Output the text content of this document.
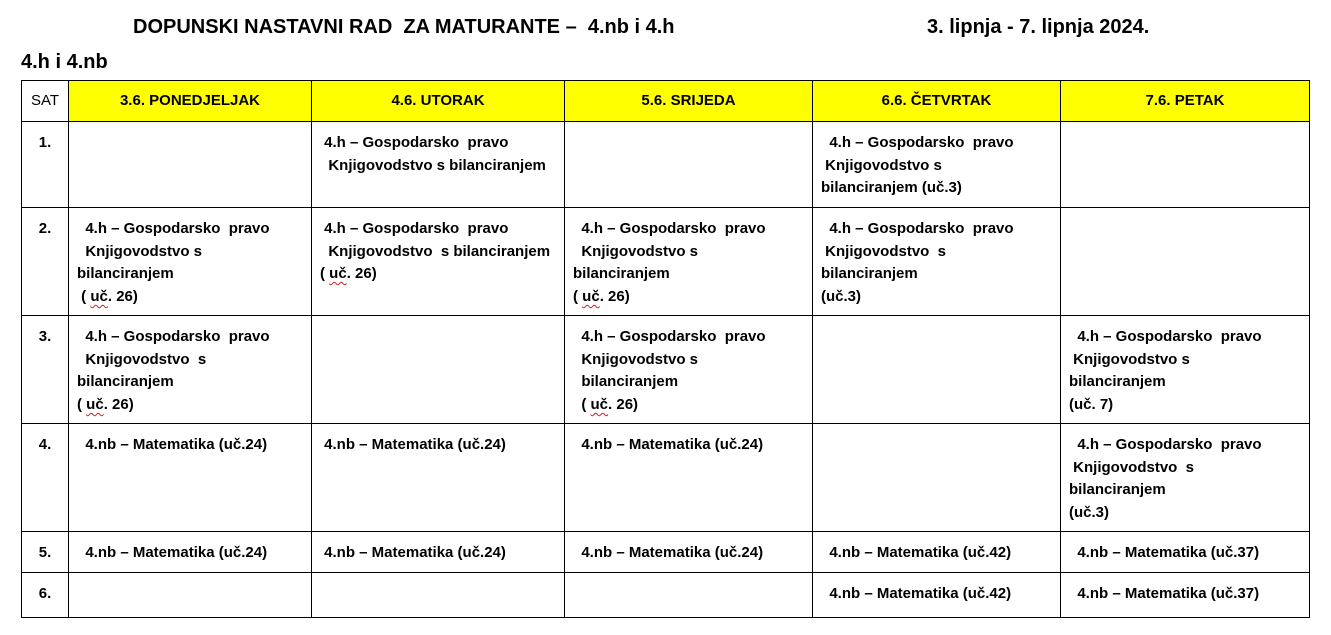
DOPUNSKI NASTAVNI RAD  ZA MATURANTE –  4.nb i 4.h	3. lipnja - 7. lipnja 2024.
4.h i 4.nb
SAT	3.6. PONEDJELJAK	4.6. UTORAK	5.6. SRIJEDA	6.6. ČETVRTAK	7.6. PETAK
1.		4.h – Gospodarsko  pravo
Knjigovodstvo s bilanciranjem		4.h – Gospodarsko  pravo
Knjigovodstvo s
bilanciranjem (uč.3)	

2.	4.h – Gospodarsko  pravo
Knjigovodstvo s
bilanciranjem
( uč. 26)	4.h – Gospodarsko  pravo
Knjigovodstvo  s bilanciranjem
( uč. 26)	4.h – Gospodarsko  pravo
Knjigovodstvo s
bilanciranjem
( uč. 26)	4.h – Gospodarsko  pravo
Knjigovodstvo  s
bilanciranjem
(uč.3)	

3.	4.h – Gospodarsko  pravo
Knjigovodstvo  s
bilanciranjem
( uč. 26)		4.h – Gospodarsko  pravo
Knjigovodstvo s
bilanciranjem
( uč. 26)		4.h – Gospodarsko  pravo
Knjigovodstvo s
bilanciranjem
(uč. 7)

4.	4.nb – Matematika (uč.24)	4.nb – Matematika (uč.24)	4.nb – Matematika (uč.24)		4.h – Gospodarsko  pravo
Knjigovodstvo  s
bilanciranjem
(uč.3)

5.	4.nb – Matematika (uč.24)	4.nb – Matematika (uč.24)	4.nb – Matematika (uč.24)	4.nb – Matematika (uč.42)	4.nb – Matematika (uč.37)

6.				4.nb – Matematika (uč.42)	4.nb – Matematika (uč.37)
